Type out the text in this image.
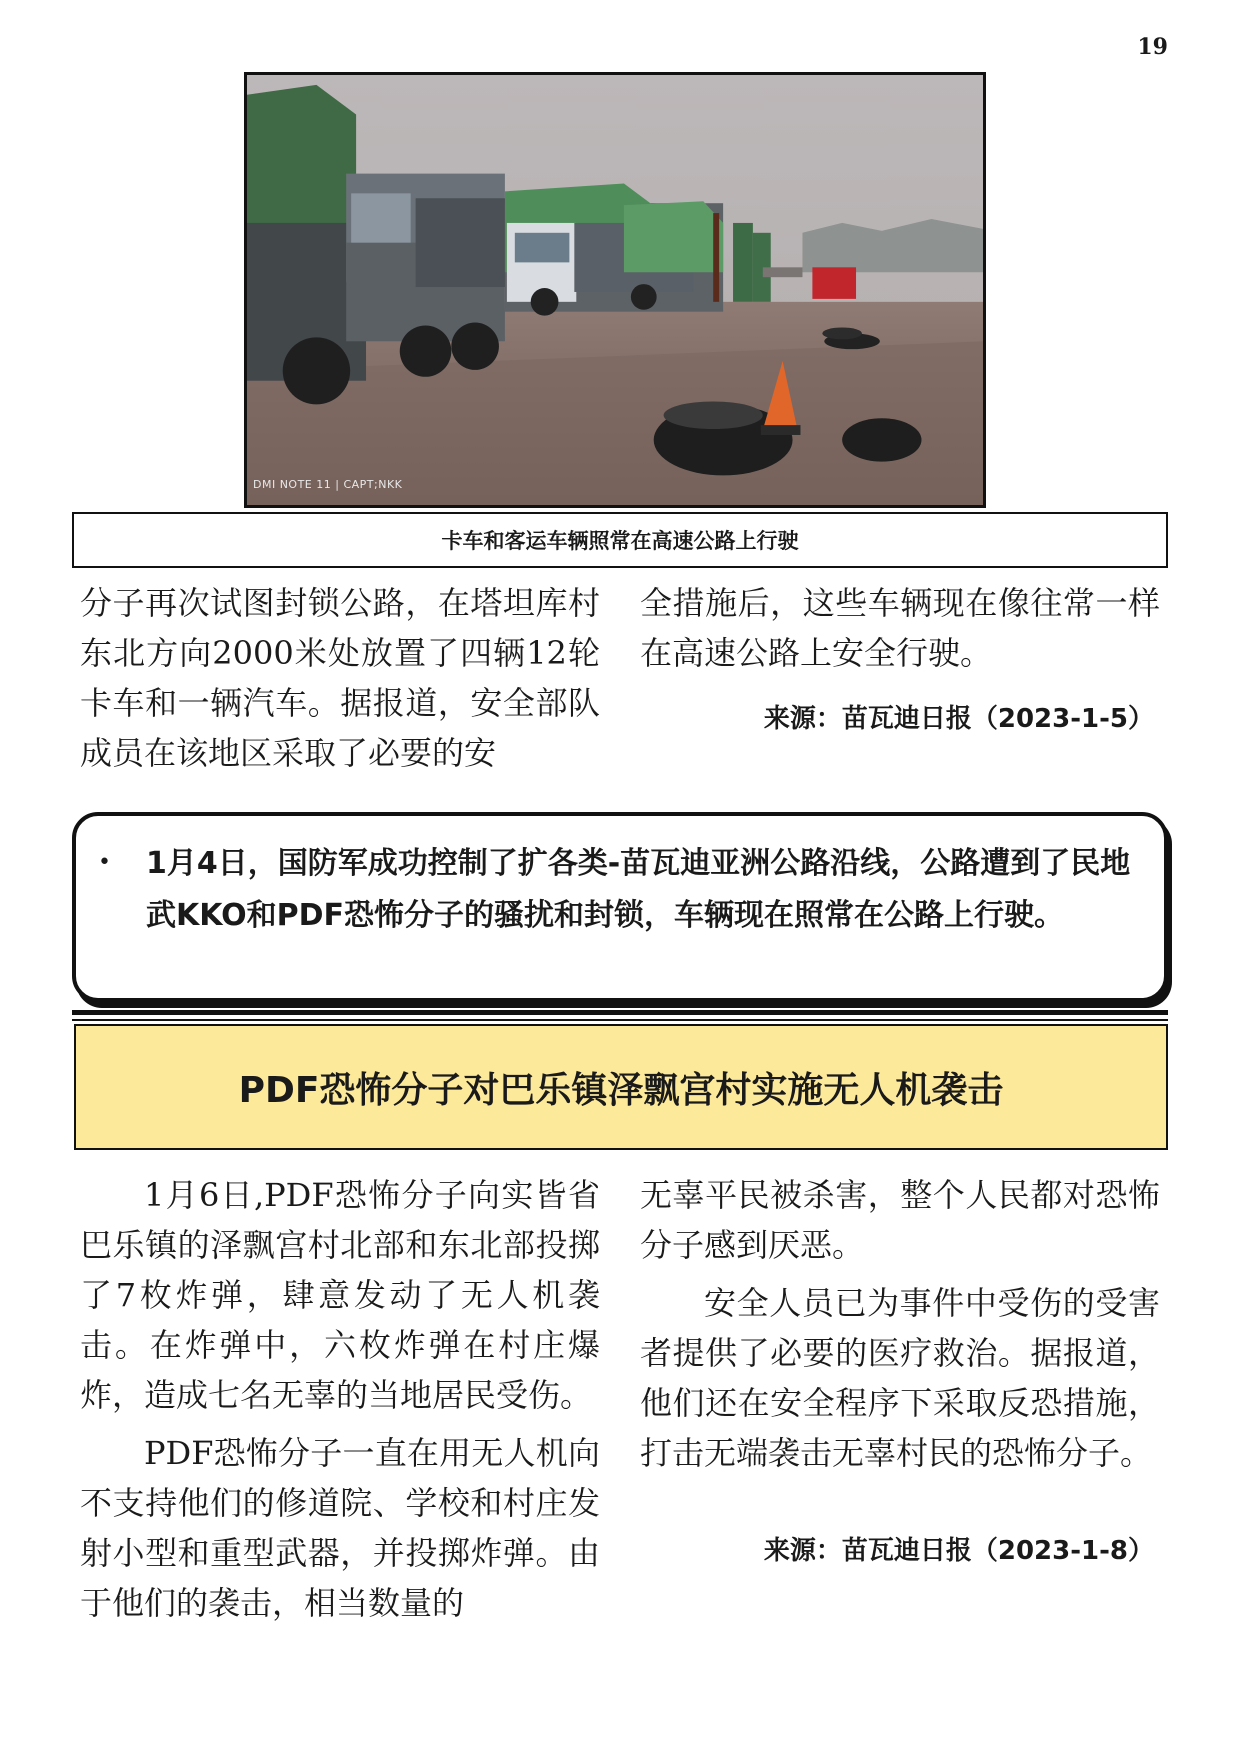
19
DMI NOTE 11 | CAPT;NKK
卡车和客运车辆照常在高速公路上行驶

分子再次试图封锁公路，在塔坦库村东北方向2000米处放置了四辆12轮卡车和一辆汽车。据报道，安全部队成员在该地区采取了必要的安

全措施后，这些车辆现在像往常一样在高速公路上安全行驶。

来源：苗瓦迪日报（2023-1-5）
•	1月4日，国防军成功控制了扩各类-苗瓦迪亚洲公路沿线，公路遭到了民地武KKO和PDF恐怖分子的骚扰和封锁，车辆现在照常在公路上行驶。
PDF恐怖分子对巴乐镇泽飘宫村实施无人机袭击

1月6日,PDF恐怖分子向实皆省巴乐镇的泽飘宫村北部和东北部投掷了7枚炸弹，肆意发动了无人机袭击。在炸弹中，六枚炸弹在村庄爆炸，造成七名无辜的当地居民受伤。

PDF恐怖分子一直在用无人机向不支持他们的修道院、学校和村庄发射小型和重型武器，并投掷炸弹。由于他们的袭击，相当数量的

无辜平民被杀害，整个人民都对恐怖分子感到厌恶。

安全人员已为事件中受伤的受害者提供了必要的医疗救治。据报道，他们还在安全程序下采取反恐措施，打击无端袭击无辜村民的恐怖分子。

来源：苗瓦迪日报（2023-1-8）
